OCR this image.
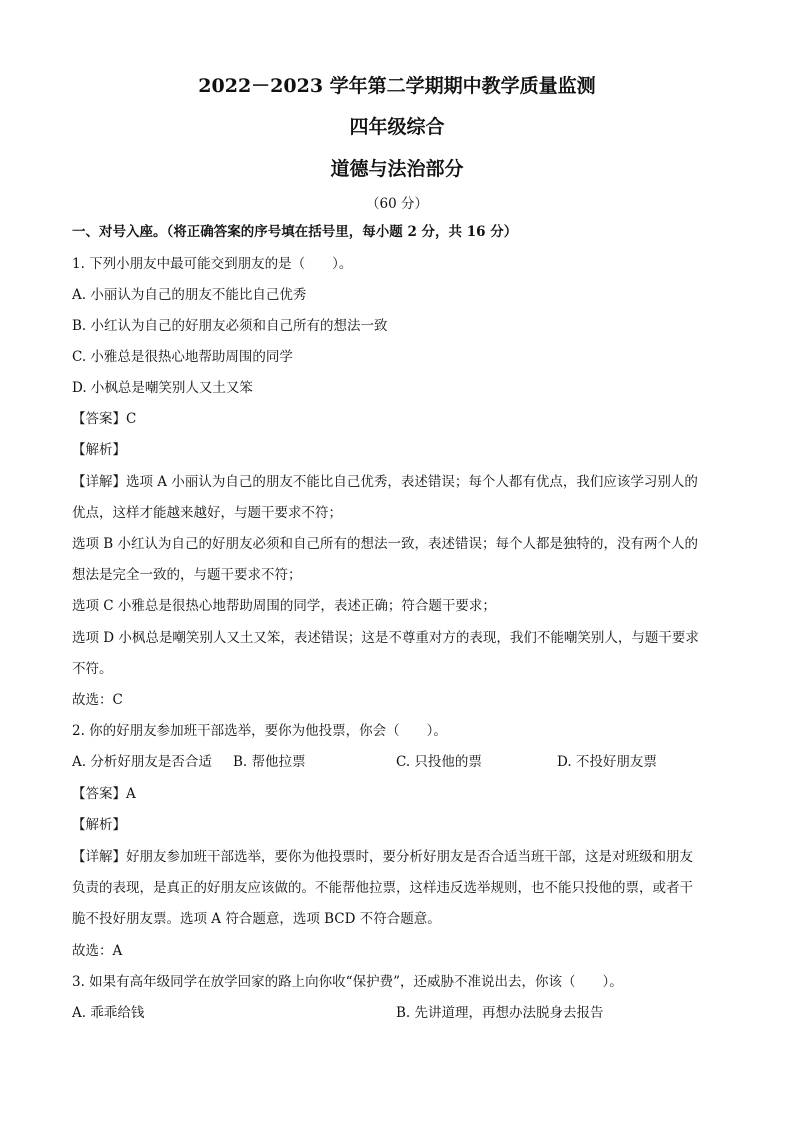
2022－2023 学年第二学期期中教学质量监测
四年级综合
道德与法治部分
（60 分）
一、对号入座。（将正确答案的序号填在括号里，每小题 2 分，共 16 分）
1. 下列小朋友中最可能交到朋友的是（　　）。
A. 小丽认为自己的朋友不能比自己优秀
B. 小红认为自己的好朋友必须和自己所有的想法一致
C. 小雅总是很热心地帮助周围的同学
D. 小枫总是嘲笑别人又土又笨
【答案】C
【解析】
【详解】选项 A 小丽认为自己的朋友不能比自己优秀，表述错误；每个人都有优点，我们应该学习别人的
优点，这样才能越来越好，与题干要求不符；
选项 B 小红认为自己的好朋友必须和自己所有的想法一致，表述错误；每个人都是独特的，没有两个人的
想法是完全一致的，与题干要求不符；
选项 C 小雅总是很热心地帮助周围的同学，表述正确；符合题干要求；
选项 D 小枫总是嘲笑别人又土又笨，表述错误；这是不尊重对方的表现，我们不能嘲笑别人，与题干要求
不符。
故选：C
2. 你的好朋友参加班干部选举，要你为他投票，你会（　　）。
A. 分析好朋友是否合适 B. 帮他拉票	C. 只投他的票	D. 不投好朋友票
【答案】A
【解析】
【详解】好朋友参加班干部选举，要你为他投票时，要分析好朋友是否合适当班干部，这是对班级和朋友
负责的表现，是真正的好朋友应该做的。不能帮他拉票，这样违反选举规则，也不能只投他的票，或者干
脆不投好朋友票。选项 A 符合题意，选项 BCD 不符合题意。
故选：A
3. 如果有高年级同学在放学回家的路上向你收“保护费”，还威胁不准说出去，你该（　　）。
A. 乖乖给钱	B. 先讲道理，再想办法脱身去报告
